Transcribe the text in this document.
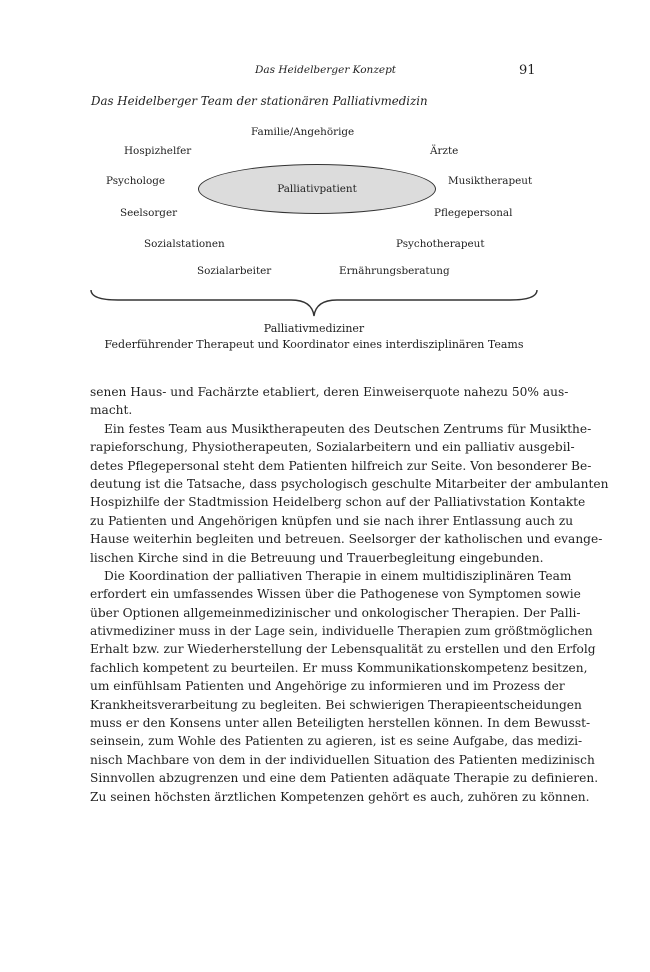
Das Heidelberger Konzept	91
Das Heidelberger Team der stationären Palliativmedizin
Familie/Angehörige
Hospizhelfer	Ärzte
Psychologe	Musiktherapeut
Seelsorger	Pflegepersonal
Sozialstationen	Psychotherapeut
Sozialarbeiter	Ernährungsberatung
Palliativpatient
Palliativmediziner
Federführender Therapeut und Koordinator eines interdisziplinären Teams
senen Haus- und Fachärzte etabliert, deren Einweiserquote nahezu 50% aus-
macht.
Ein festes Team aus Musiktherapeuten des Deutschen Zentrums für Musikthe-
rapieforschung, Physiotherapeuten, Sozialarbeitern und ein palliativ ausgebil-
detes Pflegepersonal steht dem Patienten hilfreich zur Seite. Von besonderer Be-
deutung ist die Tatsache, dass psychologisch geschulte Mitarbeiter der ambulanten
Hospizhilfe der Stadtmission Heidelberg schon auf der Palliativstation Kontakte
zu Patienten und Angehörigen knüpfen und sie nach ihrer Entlassung auch zu
Hause weiterhin begleiten und betreuen. Seelsorger der katholischen und evange-
lischen Kirche sind in die Betreuung und Trauerbegleitung eingebunden.
Die Koordination der palliativen Therapie in einem multidisziplinären Team
erfordert ein umfassendes Wissen über die Pathogenese von Symptomen sowie
über Optionen allgemeinmedizinischer und onkologischer Therapien. Der Palli-
ativmediziner muss in der Lage sein, individuelle Therapien zum größtmöglichen
Erhalt bzw. zur Wiederherstellung der Lebensqualität zu erstellen und den Erfolg
fachlich kompetent zu beurteilen. Er muss Kommunikationskompetenz besitzen,
um einfühlsam Patienten und Angehörige zu informieren und im Prozess der
Krankheitsverarbeitung zu begleiten. Bei schwierigen Therapieentscheidungen
muss er den Konsens unter allen Beteiligten herstellen können. In dem Bewusst-
seinsein, zum Wohle des Patienten zu agieren, ist es seine Aufgabe, das medizi-
nisch Machbare von dem in der individuellen Situation des Patienten medizinisch
Sinnvollen abzugrenzen und eine dem Patienten adäquate Therapie zu definieren.
Zu seinen höchsten ärztlichen Kompetenzen gehört es auch, zuhören zu können.
